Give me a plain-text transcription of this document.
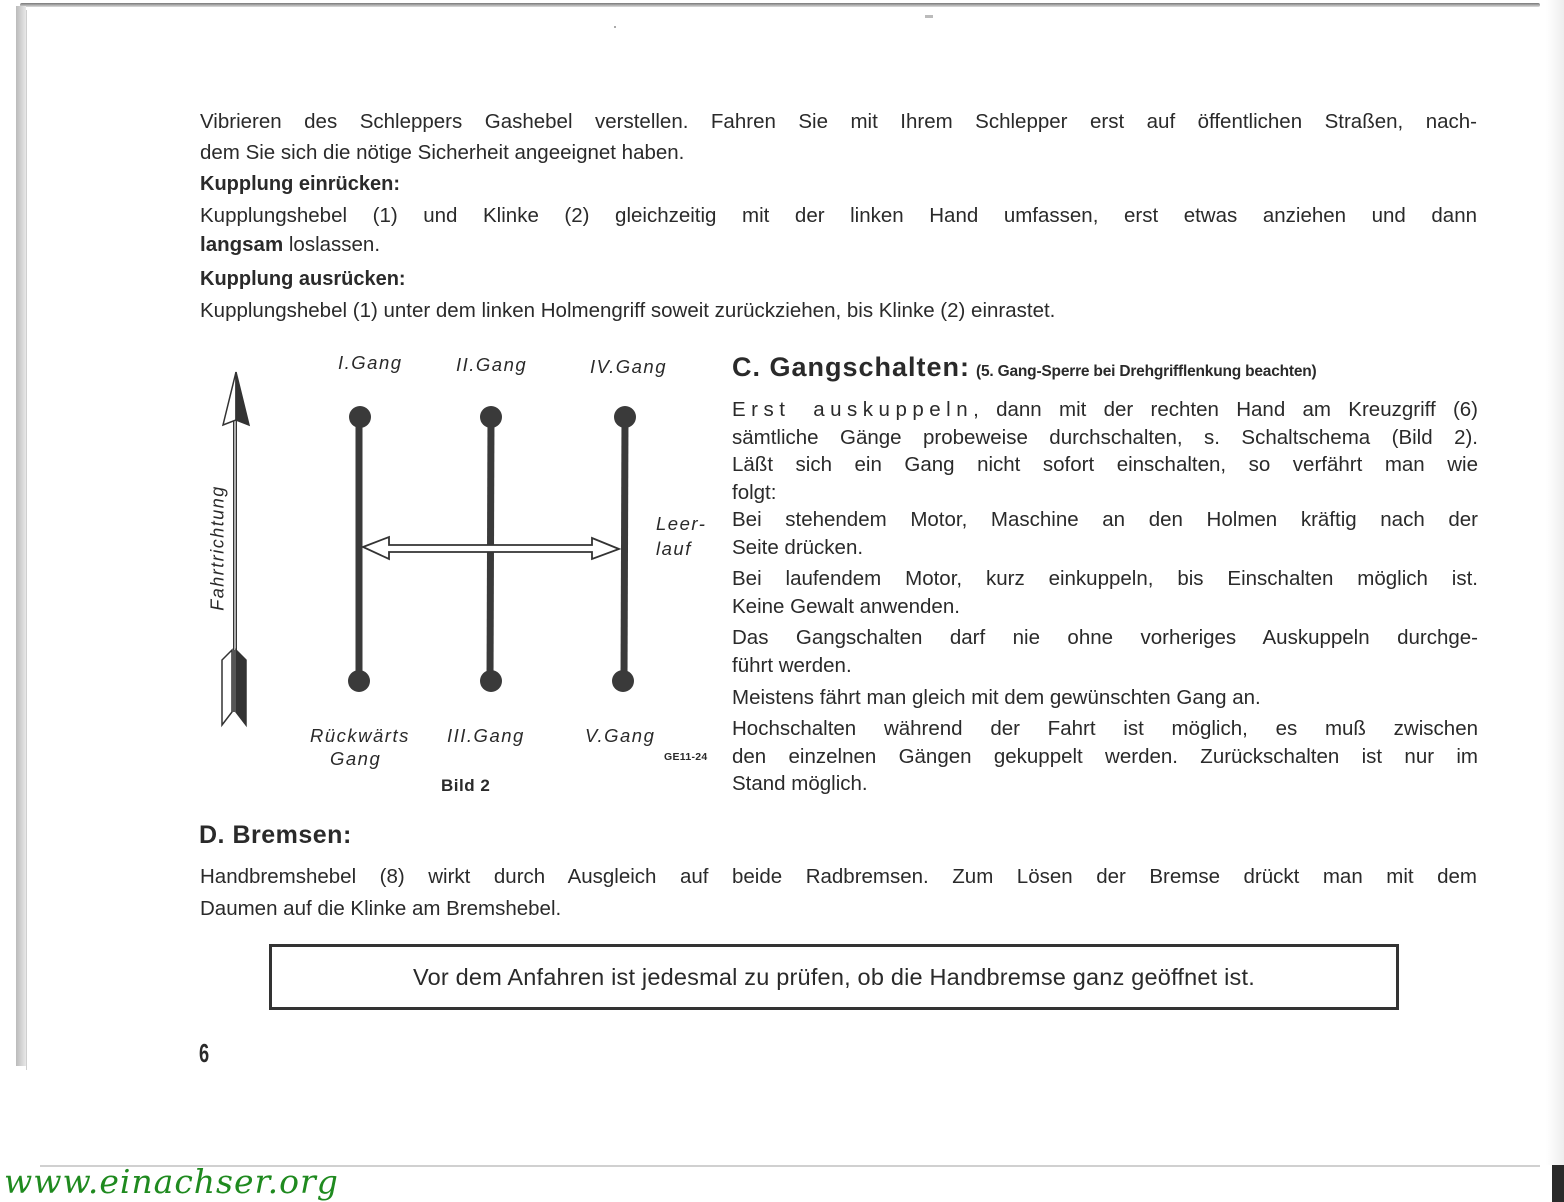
Vibrieren des Schleppers Gashebel verstellen. Fahren Sie mit Ihrem Schlepper erst auf öffentlichen Straßen, nach-
dem Sie sich die nötige Sicherheit angeeignet haben.
Kupplung einrücken:
Kupplungshebel (1) und Klinke (2) gleichzeitig mit der linken Hand umfassen, erst etwas anziehen und dann
langsam loslassen.
Kupplung ausrücken:
Kupplungshebel (1) unter dem linken Holmengriff soweit zurückziehen, bis Klinke (2) einrastet.
Fahrtrichtung
I.Gang	II.Gang	IV.Gang
Rückwärts
Gang
III.Gang	V.Gang
Leer-
lauf
Bild 2
GE11-24
C. Gangschalten: (5. Gang-Sperre bei Drehgrifflenkung beachten)
Erst auskuppeln, dann mit der rechten Hand am Kreuzgriff (6)
sämtliche Gänge probeweise durchschalten, s. Schaltschema (Bild 2).
Läßt sich ein Gang nicht sofort einschalten, so verfährt man wie
folgt:
Bei stehendem Motor, Maschine an den Holmen kräftig nach der
Seite drücken.
Bei laufendem Motor, kurz einkuppeln, bis Einschalten möglich ist.
Keine Gewalt anwenden.
Das Gangschalten darf nie ohne vorheriges Auskuppeln durchge-
führt werden.
Meistens fährt man gleich mit dem gewünschten Gang an.
Hochschalten während der Fahrt ist möglich, es muß zwischen
den einzelnen Gängen gekuppelt werden. Zurückschalten ist nur im
Stand möglich.
D. Bremsen:
Handbremshebel (8) wirkt durch Ausgleich auf beide Radbremsen. Zum Lösen der Bremse drückt man mit dem
Daumen auf die Klinke am Bremshebel.
Vor dem Anfahren ist jedesmal zu prüfen, ob die Handbremse ganz geöffnet ist.
6
www.einachser.org
